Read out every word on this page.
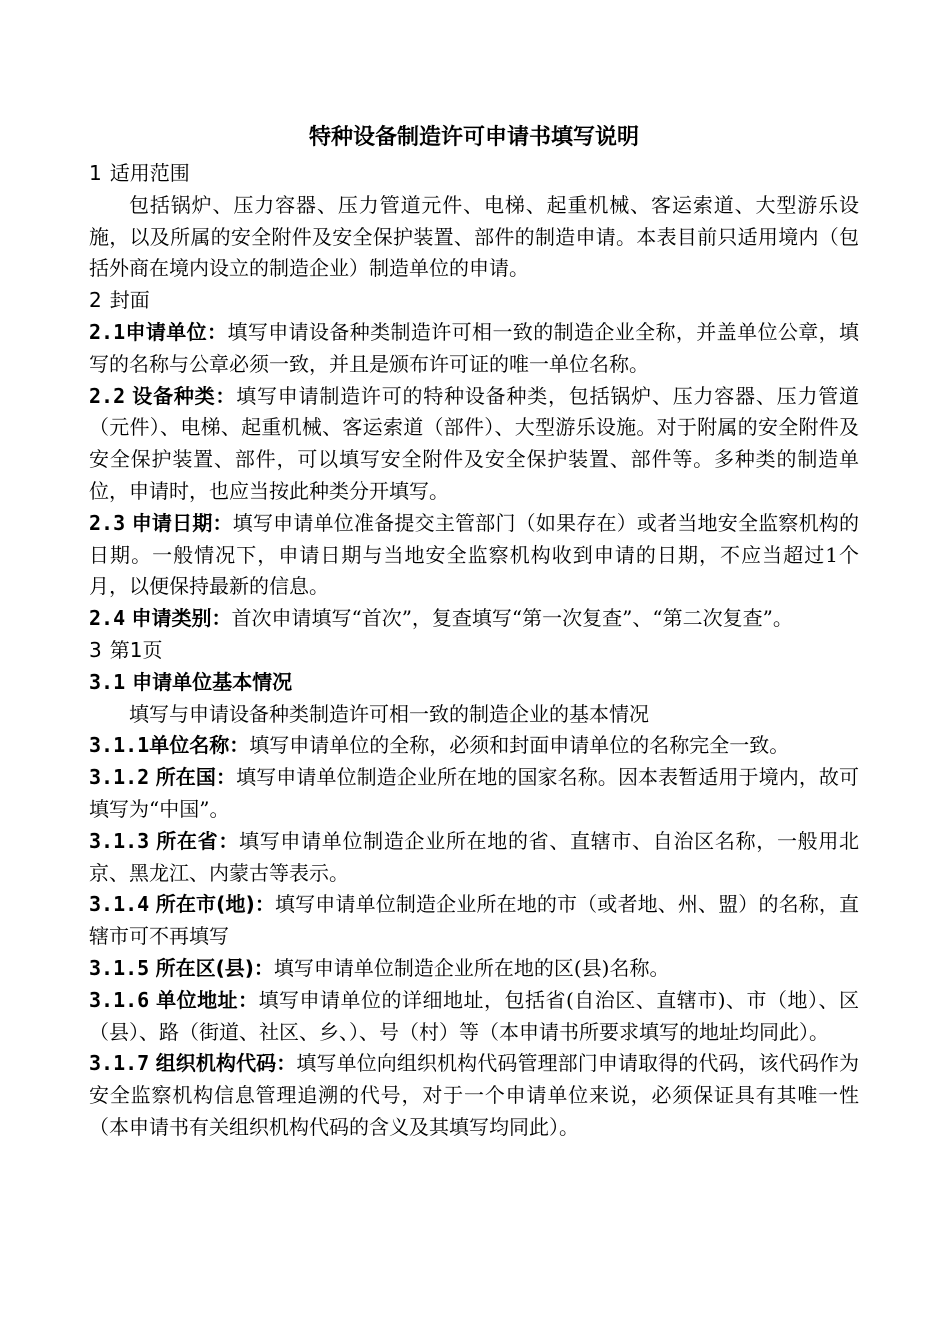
特种设备制造许可申请书填写说明

1 适用范围

包括锅炉、压力容器、压力管道元件、电梯、起重机械、客运索道、大型游乐设施，以及所属的安全附件及安全保护装置、部件的制造申请。本表目前只适用境内（包括外商在境内设立的制造企业）制造单位的申请。

2 封面

2.1申请单位：填写申请设备种类制造许可相一致的制造企业全称，并盖单位公章，填写的名称与公章必须一致，并且是颁布许可证的唯一单位名称。

2.2 设备种类：填写申请制造许可的特种设备种类，包括锅炉、压力容器、压力管道（元件）、电梯、起重机械、客运索道（部件）、大型游乐设施。对于附属的安全附件及安全保护装置、部件，可以填写安全附件及安全保护装置、部件等。多种类的制造单位，申请时，也应当按此种类分开填写。

2.3 申请日期：填写申请单位准备提交主管部门（如果存在）或者当地安全监察机构的日期。一般情况下，申请日期与当地安全监察机构收到申请的日期，不应当超过1个月，以便保持最新的信息。

2.4 申请类别：首次申请填写“首次”，复查填写“第一次复查”、“第二次复查”。

3 第1页

3.1 申请单位基本情况

填写与申请设备种类制造许可相一致的制造企业的基本情况

3.1.1单位名称：填写申请单位的全称，必须和封面申请单位的名称完全一致。

3.1.2 所在国：填写申请单位制造企业所在地的国家名称。因本表暂适用于境内，故可填写为“中国”。

3.1.3 所在省：填写申请单位制造企业所在地的省、直辖市、自治区名称，一般用北京、黑龙江、内蒙古等表示。

3.1.4 所在市(地)：填写申请单位制造企业所在地的市（或者地、州、盟）的名称，直辖市可不再填写

3.1.5 所在区(县)：填写申请单位制造企业所在地的区(县)名称。

3.1.6 单位地址：填写申请单位的详细地址，包括省(自治区、直辖市)、市（地）、区（县）、路（街道、社区、乡、）、号（村）等（本申请书所要求填写的地址均同此）。

3.1.7 组织机构代码：填写单位向组织机构代码管理部门申请取得的代码，该代码作为安全监察机构信息管理追溯的代号，对于一个申请单位来说，必须保证具有其唯一性（本申请书有关组织机构代码的含义及其填写均同此）。
